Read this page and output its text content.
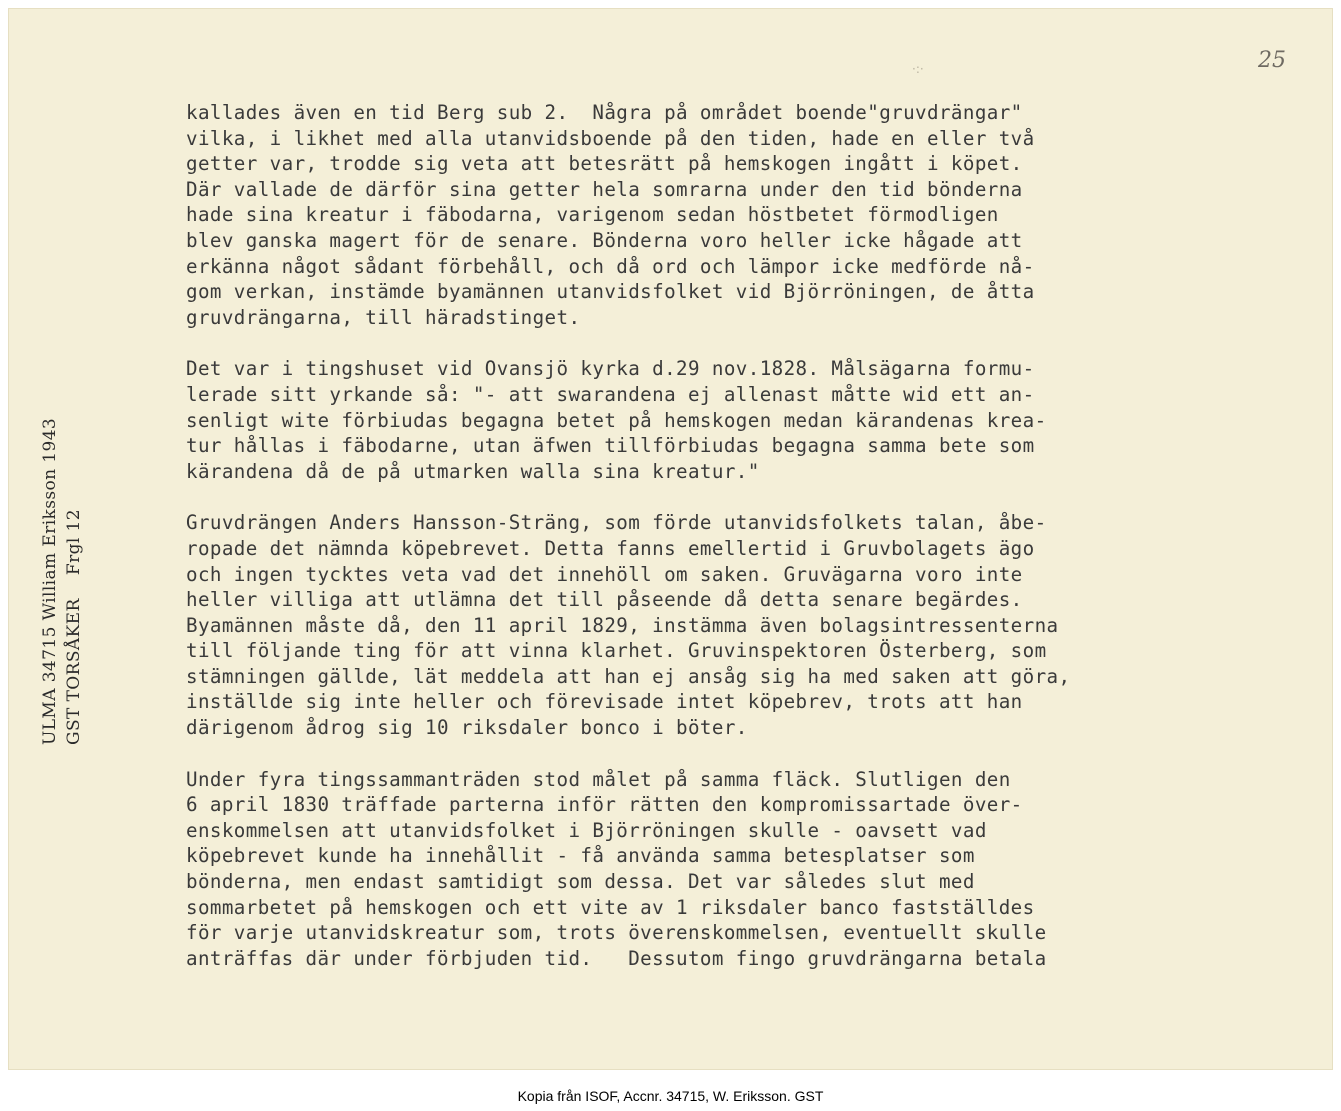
25
·:·
ULMA 34715 William Eriksson 1943 GST TORSÅKER    Frgl 12
kallades även en tid Berg sub 2.  Några på området boende"gruvdrängar"
vilka, i likhet med alla utanvidsboende på den tiden, hade en eller två
getter var, trodde sig veta att betesrätt på hemskogen ingått i köpet.
Där vallade de därför sina getter hela somrarna under den tid bönderna
hade sina kreatur i fäbodarna, varigenom sedan höstbetet förmodligen
blev ganska magert för de senare. Bönderna voro heller icke hågade att
erkänna något sådant förbehåll, och då ord och lämpor icke medförde nå-
gom verkan, instämde byamännen utanvidsfolket vid Björröningen, de åtta
gruvdrängarna, till häradstinget.
Det var i tingshuset vid Ovansjö kyrka d.29 nov.1828. Målsägarna formu-
lerade sitt yrkande så: "- att swarandena ej allenast måtte wid ett an-
senligt wite förbiudas begagna betet på hemskogen medan kärandenas krea-
tur hållas i fäbodarne, utan äfwen tillförbiudas begagna samma bete som
kärandena då de på utmarken walla sina kreatur."
Gruvdrängen Anders Hansson-Sträng, som förde utanvidsfolkets talan, åbe-
ropade det nämnda köpebrevet. Detta fanns emellertid i Gruvbolagets ägo
och ingen tycktes veta vad det innehöll om saken. Gruvägarna voro inte
heller villiga att utlämna det till påseende då detta senare begärdes.
Byamännen måste då, den 11 april 1829, instämma även bolagsintressenterna
till följande ting för att vinna klarhet. Gruvinspektoren Österberg, som
stämningen gällde, lät meddela att han ej ansåg sig ha med saken att göra,
inställde sig inte heller och förevisade intet köpebrev, trots att han
därigenom ådrog sig 10 riksdaler bonco i böter.
Under fyra tingssammanträden stod målet på samma fläck. Slutligen den
6 april 1830 träffade parterna inför rätten den kompromissartade över-
enskommelsen att utanvidsfolket i Björröningen skulle - oavsett vad
köpebrevet kunde ha innehållit - få använda samma betesplatser som
bönderna, men endast samtidigt som dessa. Det var således slut med
sommarbetet på hemskogen och ett vite av 1 riksdaler banco fastställdes
för varje utanvidskreatur som, trots överenskommelsen, eventuellt skulle
anträffas där under förbjuden tid.   Dessutom fingo gruvdrängarna betala
Kopia från ISOF, Accnr. 34715, W. Eriksson. GST
